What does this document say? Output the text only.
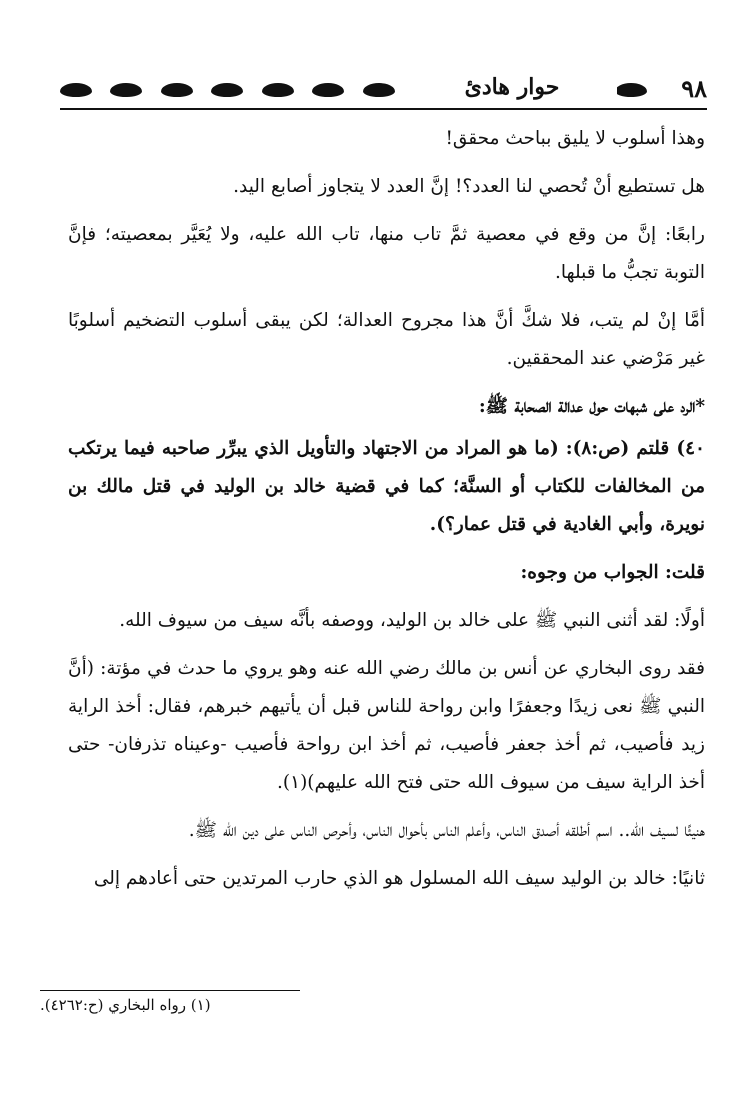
حوار هادئ	٩٨

وهذا أسلوب لا يليق بباحث محقق!

هل تستطيع أنْ تُحصي لنا العدد؟! إنَّ العدد لا يتجاوز أصابع اليد.

رابعًا: إنَّ من وقع في معصية ثمَّ تاب منها، تاب الله عليه، ولا يُعَيَّر بمعصيته؛ فإنَّ التوبة تجبُّ ما قبلها.

أمَّا إنْ لم يتب، فلا شكَّ أنَّ هذا مجروح العدالة؛ لكن يبقى أسلوب التضخيم أسلوبًا غير مَرْضي عند المحققين.

*الرد على شبهات حول عدالة الصحابة ﷺ:

٤٠) قلتم (ص:٨): (ما هو المراد من الاجتهاد والتأويل الذي يبرِّر صاحبه فيما يرتكب من المخالفات للكتاب أو السنَّة؛ كما في قضية خالد بن الوليد في قتل مالك بن نويرة، وأبي الغادية في قتل عمار؟).

قلت: الجواب من وجوه:

أولًا: لقد أثنى النبي ﷺ على خالد بن الوليد، ووصفه بأنَّه سيف من سيوف الله.

فقد روى البخاري عن أنس بن مالك رضي الله عنه وهو يروي ما حدث في مؤتة: (أنَّ النبي ﷺ نعى زيدًا وجعفرًا وابن رواحة للناس قبل أن يأتيهم خبرهم، فقال: أخذ الراية زيد فأصيب، ثم أخذ جعفر فأصيب، ثم أخذ ابن رواحة فأصيب -وعيناه تذرفان- حتى أخذ الراية سيف من سيوف الله حتى فتح الله عليهم)(١).

هنيئًا لسيف الله.. اسم أطلقه أصدق الناس، وأعلم الناس بأحوال الناس، وأحرص الناس على دين الله ﷺ.

ثانيًا: خالد بن الوليد سيف الله المسلول هو الذي حارب المرتدين حتى أعادهم إلى

(١) رواه البخاري (ح:٤٢٦٢).
